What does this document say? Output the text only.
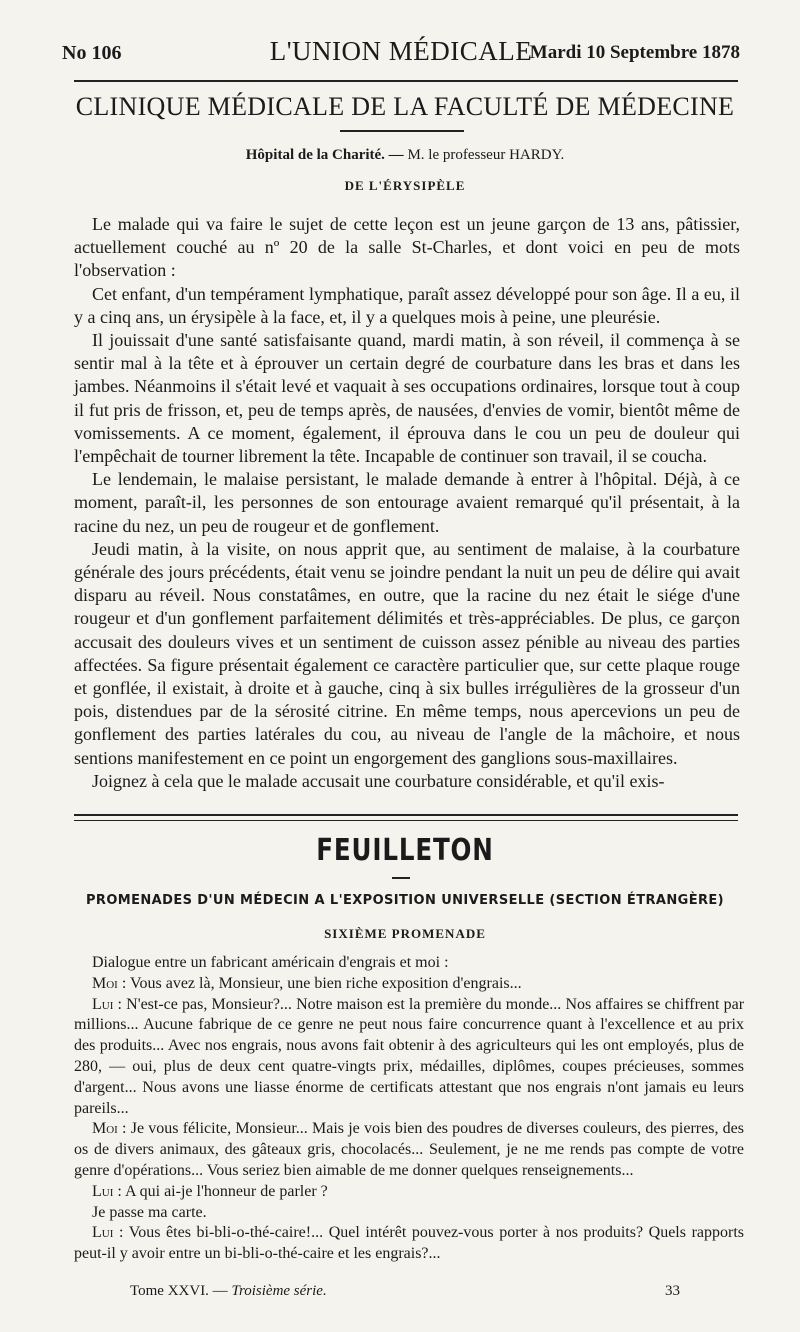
No 106	L'UNION MÉDICALE
Mardi 10 Septembre 1878
CLINIQUE MÉDICALE DE LA FACULTÉ DE MÉDECINE
Hôpital de la Charité. — M. le professeur HARDY.
DE L'ÉRYSIPÈLE

Le malade qui va faire le sujet de cette leçon est un jeune garçon de 13 ans, pâtissier, actuellement couché au nº 20 de la salle St-Charles, et dont voici en peu de mots l'observation :

Cet enfant, d'un tempérament lymphatique, paraît assez développé pour son âge. Il a eu, il y a cinq ans, un érysipèle à la face, et, il y a quelques mois à peine, une pleurésie.

Il jouissait d'une santé satisfaisante quand, mardi matin, à son réveil, il commença à se sentir mal à la tête et à éprouver un certain degré de courbature dans les bras et dans les jambes. Néanmoins il s'était levé et vaquait à ses occupations ordinaires, lorsque tout à coup il fut pris de frisson, et, peu de temps après, de nausées, d'envies de vomir, bientôt même de vomissements. A ce moment, également, il éprouva dans le cou un peu de douleur qui l'empêchait de tourner librement la tête. Incapable de continuer son travail, il se coucha.

Le lendemain, le malaise persistant, le malade demande à entrer à l'hôpital. Déjà, à ce moment, paraît-il, les personnes de son entourage avaient remarqué qu'il présentait, à la racine du nez, un peu de rougeur et de gonflement.

Jeudi matin, à la visite, on nous apprit que, au sentiment de malaise, à la courbature générale des jours précédents, était venu se joindre pendant la nuit un peu de délire qui avait disparu au réveil. Nous constatâmes, en outre, que la racine du nez était le siége d'une rougeur et d'un gonflement parfaitement délimités et très-appréciables. De plus, ce garçon accusait des douleurs vives et un sentiment de cuisson assez pénible au niveau des parties affectées. Sa figure présentait également ce caractère particulier que, sur cette plaque rouge et gonflée, il existait, à droite et à gauche, cinq à six bulles irrégulières de la grosseur d'un pois, distendues par de la sérosité citrine. En même temps, nous apercevions un peu de gonflement des parties latérales du cou, au niveau de l'angle de la mâchoire, et nous sentions manifestement en ce point un engorgement des ganglions sous-maxillaires.

Joignez à cela que le malade accusait une courbature considérable, et qu'il exis-

FEUILLETON
PROMENADES D'UN MÉDECIN A L'EXPOSITION UNIVERSELLE (SECTION ÉTRANGÈRE)
SIXIÈME PROMENADE

Dialogue entre un fabricant américain d'engrais et moi :

Moi : Vous avez là, Monsieur, une bien riche exposition d'engrais...

Lui : N'est-ce pas, Monsieur?... Notre maison est la première du monde... Nos affaires se chiffrent par millions... Aucune fabrique de ce genre ne peut nous faire concurrence quant à l'excellence et au prix des produits... Avec nos engrais, nous avons fait obtenir à des agriculteurs qui les ont employés, plus de 280, — oui, plus de deux cent quatre-vingts prix, médailles, diplômes, coupes précieuses, sommes d'argent... Nous avons une liasse énorme de certificats attestant que nos engrais n'ont jamais eu leurs pareils...

Moi : Je vous félicite, Monsieur... Mais je vois bien des poudres de diverses couleurs, des pierres, des os de divers animaux, des gâteaux gris, chocolacés... Seulement, je ne me rends pas compte de votre genre d'opérations... Vous seriez bien aimable de me donner quelques renseignements...

Lui : A qui ai-je l'honneur de parler ?

Je passe ma carte.

Lui : Vous êtes bi-bli-o-thé-caire!... Quel intérêt pouvez-vous porter à nos produits? Quels rapports peut-il y avoir entre un bi-bli-o-thé-caire et les engrais?...

Tome XXVI. — Troisième série.	33
